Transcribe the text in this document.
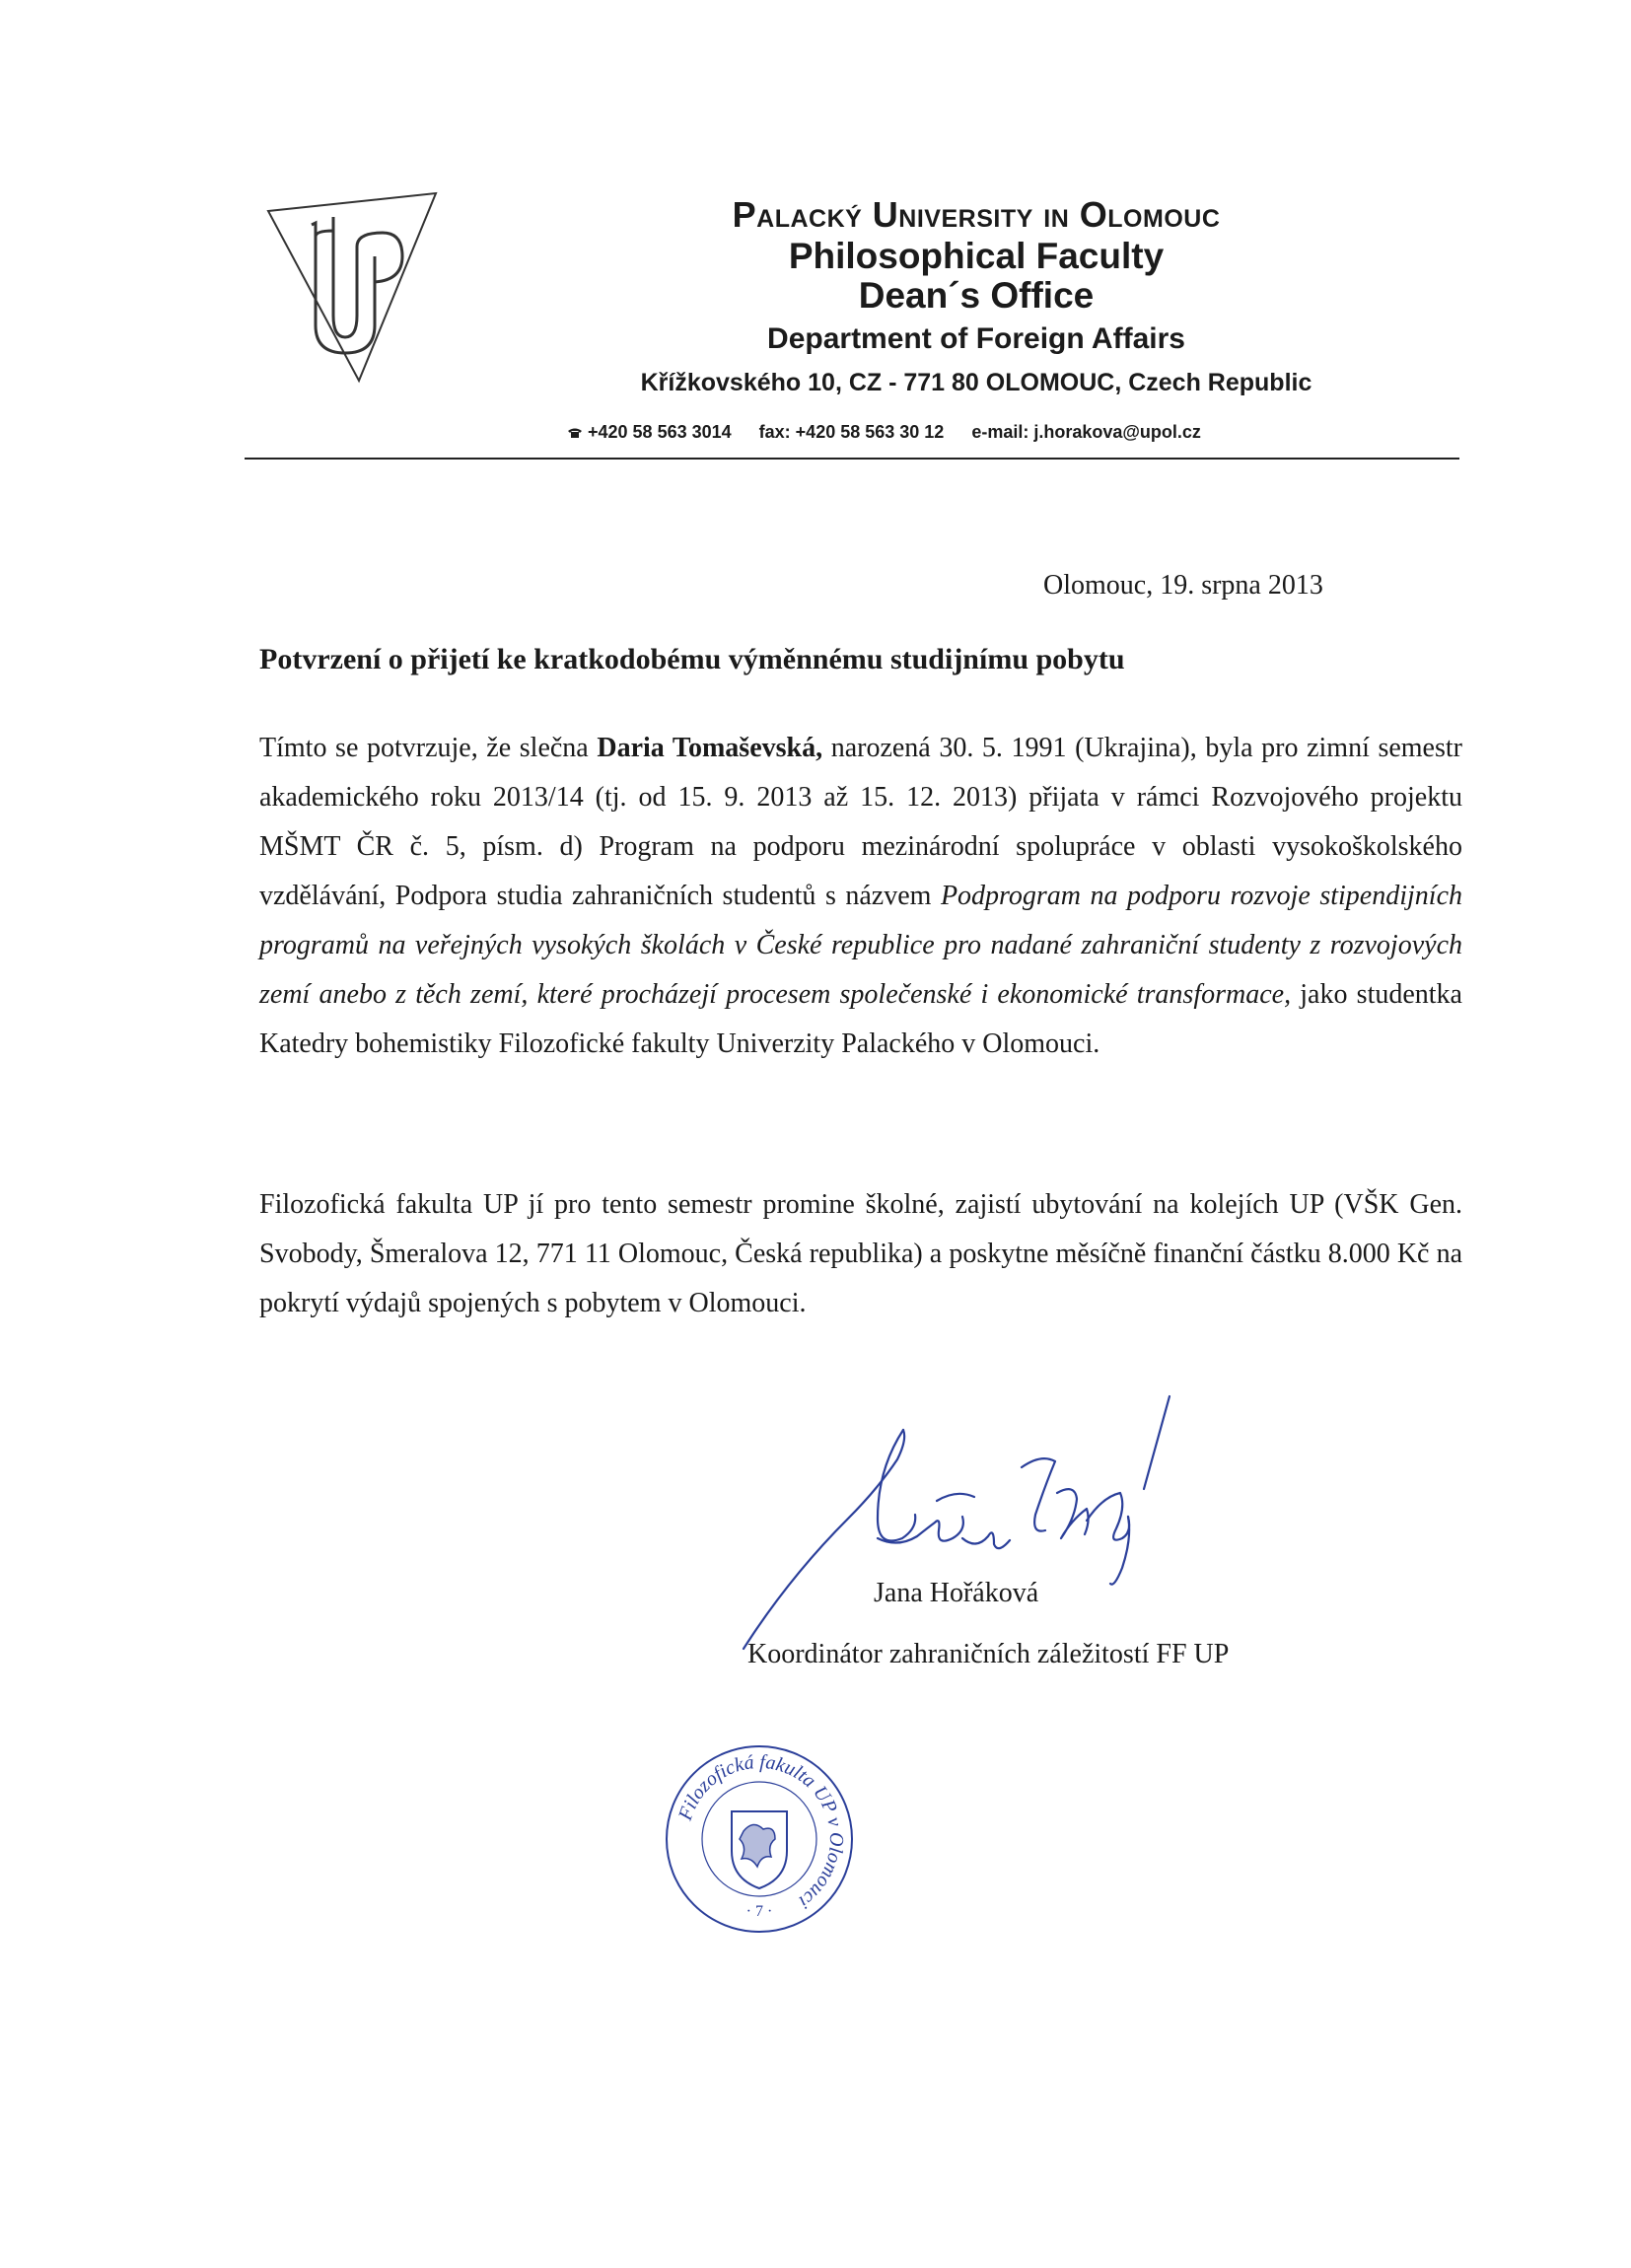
Palacký University in Olomouc
Philosophical Faculty
Dean´s Office
Department of Foreign Affairs
Křížkovského 10, CZ - 771 80 OLOMOUC, Czech Republic
+420 58 563 3014 fax: +420 58 563 30 12 e-mail: j.horakova@upol.cz
Olomouc, 19. srpna 2013
Potvrzení o přijetí ke kratkodobému výměnnému studijnímu pobytu
Tímto se potvrzuje, že slečna Daria Tomaševská, narozená 30. 5. 1991 (Ukrajina), byla pro zimní semestr akademického roku 2013/14 (tj. od 15. 9. 2013 až 15. 12. 2013) přijata v rámci Rozvojového projektu MŠMT ČR č. 5, písm. d) Program na podporu mezinárodní spolupráce v oblasti vysokoškolského vzdělávání, Podpora studia zahraničních studentů s názvem Podprogram na podporu rozvoje stipendijních programů na veřejných vysokých školách v České republice pro nadané zahraniční studenty z rozvojových zemí anebo z těch zemí, které procházejí procesem společenské i ekonomické transformace, jako studentka Katedry bohemistiky Filozofické fakulty Univerzity Palackého v Olomouci.
Filozofická fakulta UP jí pro tento semestr promine školné, zajistí ubytování na kolejích UP (VŠK Gen. Svobody, Šmeralova 12, 771 11 Olomouc, Česká republika) a poskytne měsíčně finanční částku 8.000 Kč na pokrytí výdajů spojených s pobytem v Olomouci.
Jana Hořáková
Koordinátor zahraničních záležitostí FF UP
Filozofická fakulta UP v Olomouci
· 7 ·
